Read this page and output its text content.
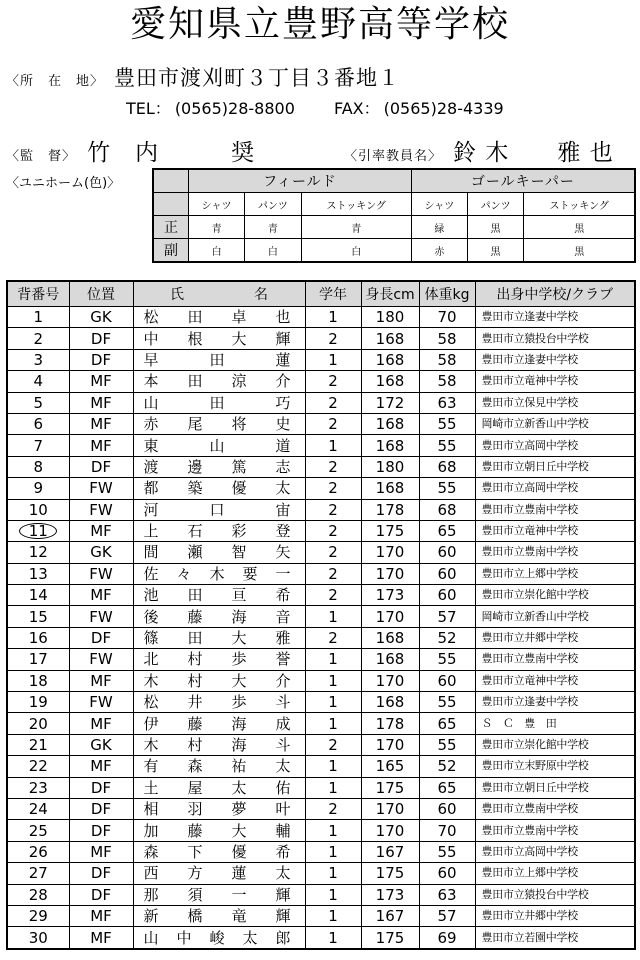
愛知県立豊野高等学校
〈所　在　地〉 豊田市渡刈町３丁目３番地１
TEL： (0565)28-8800 FAX： (0565)28-4339
〈監　督〉 竹　内　　　奨	〈引率教員名〉 鈴 木　　雅 也
〈ユニホーム(色)〉
		フィールド			ゴールキーパー		
	シャツ	パンツ	ストッキング	シャツ	パンツ	ストッキング
正	青	青	青	緑	黒	黒
副	白	白	白	赤	黒	黒
背番号	位置	氏　　　　　名	学年	身長cm	体重kg	出身中学校/クラブ
1	GK	松田卓也	1	180	70	豊田市立逢妻中学校
2	DF	中根大輝	2	168	58	豊田市立猿投台中学校
3	DF	早田蓮	1	168	58	豊田市立逢妻中学校
4	MF	本田涼介	2	168	58	豊田市立竜神中学校
5	MF	山田巧	2	172	63	豊田市立保見中学校
6	MF	赤尾将史	2	168	55	岡崎市立新香山中学校
7	MF	東山道	1	168	55	豊田市立高岡中学校
8	DF	渡邊篤志	2	180	68	豊田市立朝日丘中学校
9	FW	都築優太	2	168	55	豊田市立高岡中学校
10	FW	河口宙	2	178	68	豊田市立豊南中学校
11	MF	上石彩登	2	175	65	豊田市立竜神中学校
12	GK	間瀬智矢	2	170	60	豊田市立豊南中学校
13	FW	佐々木要一	2	170	60	豊田市立上郷中学校
14	MF	池田亘希	2	173	60	豊田市立崇化館中学校
15	FW	後藤海音	1	170	57	岡崎市立新香山中学校
16	DF	篠田大雅	2	168	52	豊田市立井郷中学校
17	FW	北村歩誉	1	168	55	豊田市立豊南中学校
18	MF	木村大介	1	170	60	豊田市立竜神中学校
19	FW	松井歩斗	1	168	55	豊田市立逢妻中学校
20	MF	伊藤海成	1	178	65	Ｓ　Ｃ　豊　田
21	GK	木村海斗	2	170	55	豊田市立崇化館中学校
22	MF	有森祐太	1	165	52	豊田市立末野原中学校
23	DF	土屋太佑	1	175	65	豊田市立朝日丘中学校
24	DF	相羽夢叶	2	170	60	豊田市立豊南中学校
25	DF	加藤大輔	1	170	70	豊田市立豊南中学校
26	MF	森下優希	1	167	55	豊田市立高岡中学校
27	DF	西方蓮太	1	175	60	豊田市立上郷中学校
28	DF	那須一輝	1	173	63	豊田市立猿投台中学校
29	MF	新橋竜輝	1	167	57	豊田市立井郷中学校
30	MF	山中峻太郎	1	175	69	豊田市立若園中学校
